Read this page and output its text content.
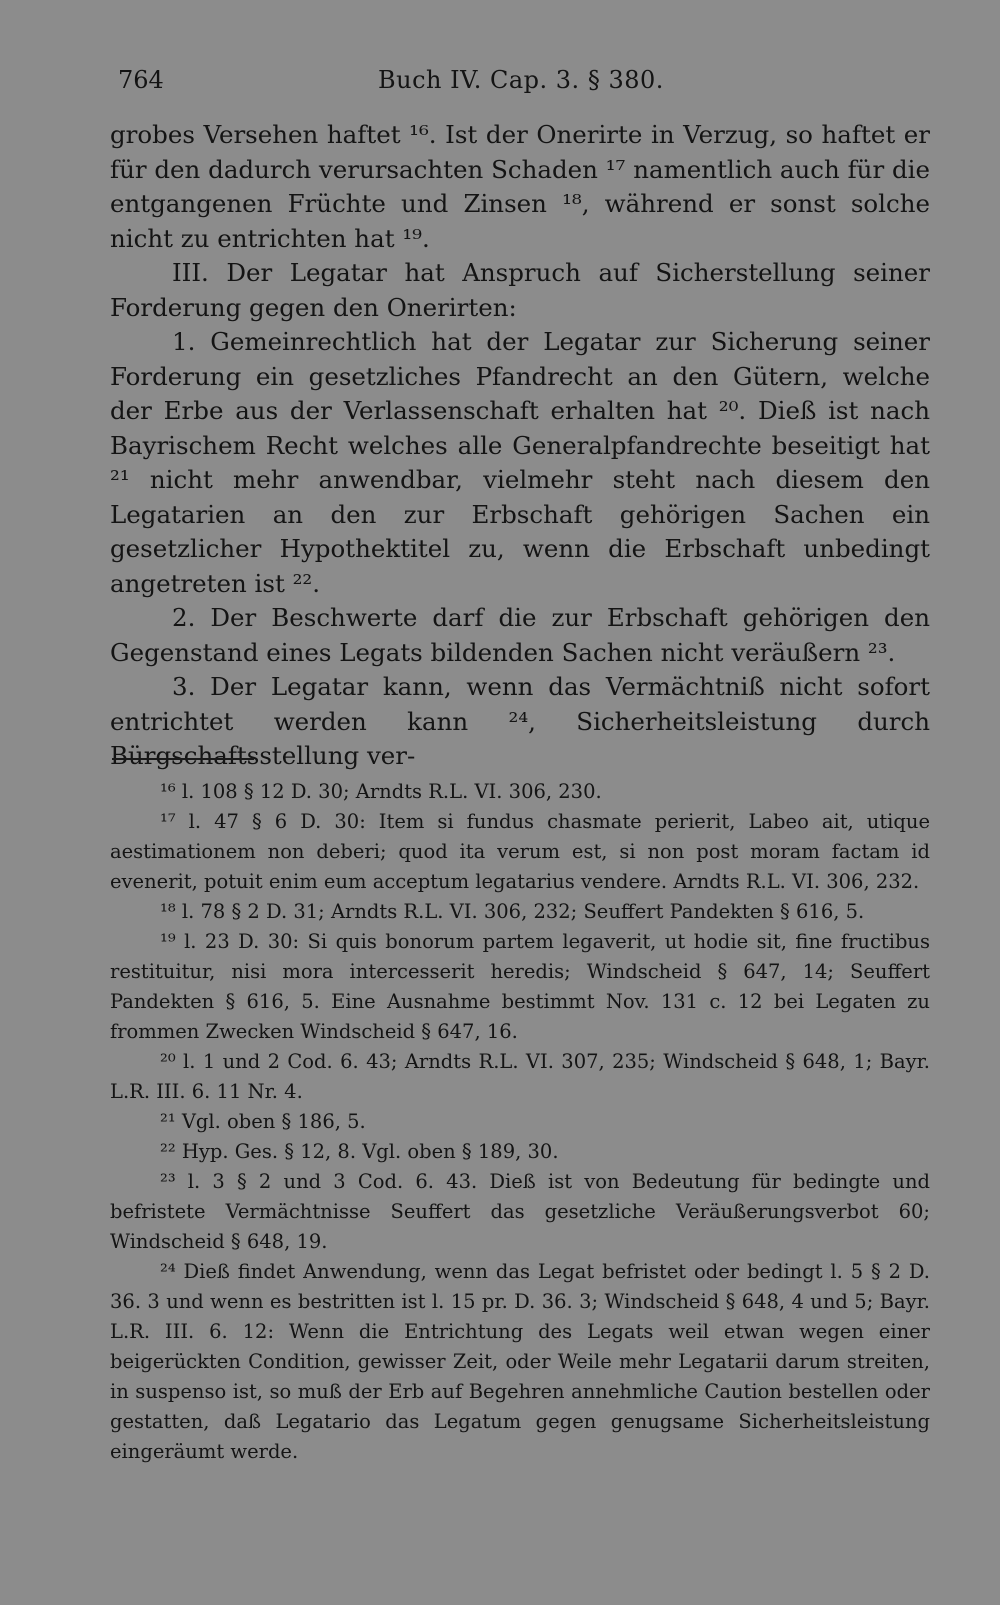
764	Buch IV. Cap. 3. § 380.

grobes Versehen haftet ¹⁶. Ist der Onerirte in Verzug, so haftet er für den dadurch verursachten Schaden ¹⁷ namentlich auch für die entgangenen Früchte und Zinsen ¹⁸, während er sonst solche nicht zu entrichten hat ¹⁹.

III. Der Legatar hat Anspruch auf Sicherstellung seiner Forderung gegen den Onerirten:

1. Gemeinrechtlich hat der Legatar zur Sicherung seiner Forderung ein gesetzliches Pfandrecht an den Gütern, welche der Erbe aus der Verlassenschaft erhalten hat ²⁰. Dieß ist nach Bayrischem Recht welches alle Generalpfandrechte beseitigt hat ²¹ nicht mehr anwendbar, vielmehr steht nach diesem den Legatarien an den zur Erbschaft gehörigen Sachen ein gesetzlicher Hypothektitel zu, wenn die Erbschaft unbedingt angetreten ist ²².

2. Der Beschwerte darf die zur Erbschaft gehörigen den Gegenstand eines Legats bildenden Sachen nicht veräußern ²³.

3. Der Legatar kann, wenn das Vermächtniß nicht sofort entrichtet werden kann ²⁴, Sicherheitsleistung durch Bürgschaftsstellung ver-

¹⁶ l. 108 § 12 D. 30; Arndts R.L. VI. 306, 230.

¹⁷ l. 47 § 6 D. 30: Item si fundus chasmate perierit, Labeo ait, utique aestimationem non deberi; quod ita verum est, si non post moram factam id evenerit, potuit enim eum acceptum legatarius vendere. Arndts R.L. VI. 306, 232.

¹⁸ l. 78 § 2 D. 31; Arndts R.L. VI. 306, 232; Seuffert Pandekten § 616, 5.

¹⁹ l. 23 D. 30: Si quis bonorum partem legaverit, ut hodie sit, fine fructibus restituitur, nisi mora intercesserit heredis; Windscheid § 647, 14; Seuffert Pandekten § 616, 5. Eine Ausnahme bestimmt Nov. 131 c. 12 bei Legaten zu frommen Zwecken Windscheid § 647, 16.

²⁰ l. 1 und 2 Cod. 6. 43; Arndts R.L. VI. 307, 235; Windscheid § 648, 1; Bayr. L.R. III. 6. 11 Nr. 4.

²¹ Vgl. oben § 186, 5.

²² Hyp. Ges. § 12, 8. Vgl. oben § 189, 30.

²³ l. 3 § 2 und 3 Cod. 6. 43. Dieß ist von Bedeutung für bedingte und befristete Vermächtnisse Seuffert das gesetzliche Veräußerungsverbot 60; Windscheid § 648, 19.

²⁴ Dieß findet Anwendung, wenn das Legat befristet oder bedingt l. 5 § 2 D. 36. 3 und wenn es bestritten ist l. 15 pr. D. 36. 3; Windscheid § 648, 4 und 5; Bayr. L.R. III. 6. 12: Wenn die Entrichtung des Legats weil etwan wegen einer beigerückten Condition, gewisser Zeit, oder Weile mehr Legatarii darum streiten, in suspenso ist, so muß der Erb auf Begehren annehmliche Caution bestellen oder gestatten, daß Legatario das Legatum gegen genugsame Sicherheitsleistung eingeräumt werde.
